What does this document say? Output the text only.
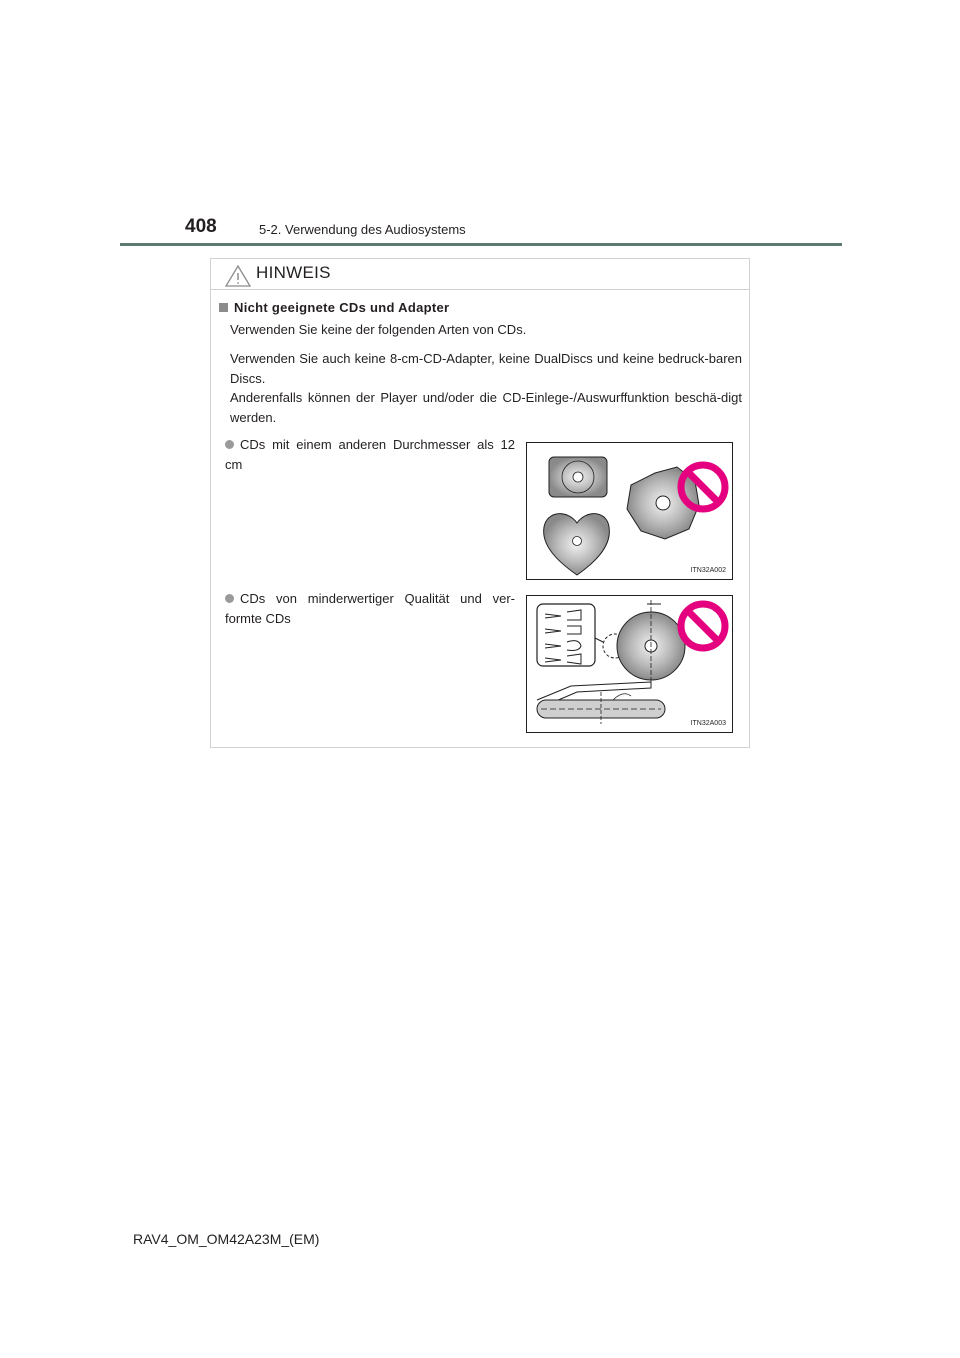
408	5-2. Verwendung des Audiosystems
HINWEIS
Nicht geeignete CDs und Adapter
Verwenden Sie keine der folgenden Arten von CDs.
Verwenden Sie auch keine 8-cm-CD-Adapter, keine DualDiscs und keine bedruck-baren Discs.
Anderenfalls können der Player und/oder die CD-Einlege-/Auswurffunktion beschä-digt werden.
CDs mit einem anderen Durchmesser als 12 cm
ITN32A002
CDs von minderwertiger Qualität und ver-formte CDs
ITN32A003
RAV4_OM_OM42A23M_(EM)
